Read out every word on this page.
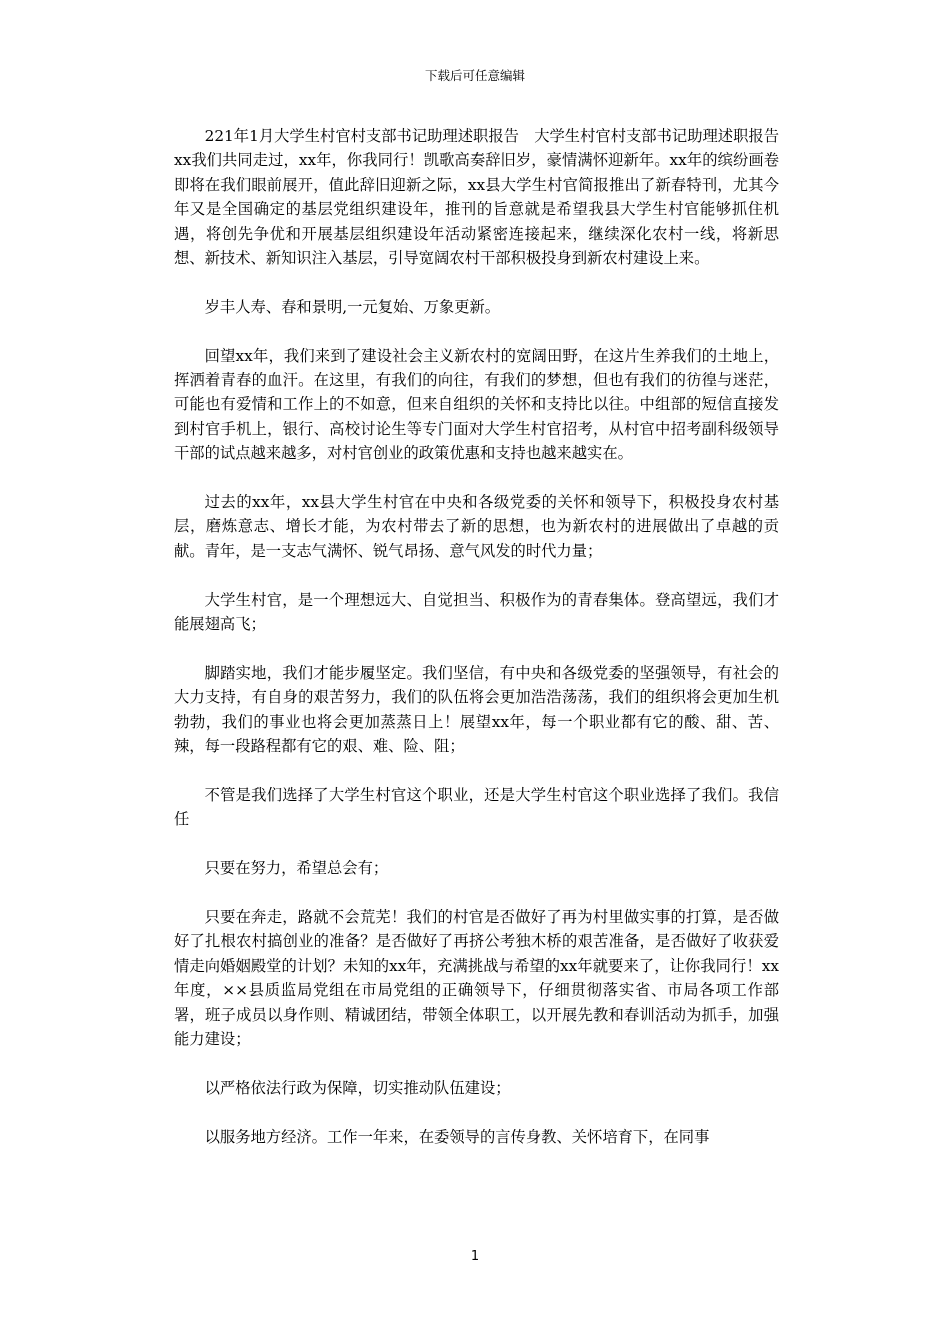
下载后可任意编辑

221年1月大学生村官村支部书记助理述职报告　大学生村官村支部书记助理述职报告xx我们共同走过，xx年，你我同行！凯歌高奏辞旧岁，豪情满怀迎新年。xx年的缤纷画卷即将在我们眼前展开，值此辞旧迎新之际，xx县大学生村官简报推出了新春特刊，尤其今年又是全国确定的基层党组织建设年，推刊的旨意就是希望我县大学生村官能够抓住机遇，将创先争优和开展基层组织建设年活动紧密连接起来，继续深化农村一线，将新思想、新技术、新知识注入基层，引导宽阔农村干部积极投身到新农村建设上来。

岁丰人寿、春和景明,一元复始、万象更新。

回望xx年，我们来到了建设社会主义新农村的宽阔田野，在这片生养我们的土地上，挥洒着青春的血汗。在这里，有我们的向往，有我们的梦想，但也有我们的彷徨与迷茫，可能也有爱情和工作上的不如意，但来自组织的关怀和支持比以往。中组部的短信直接发到村官手机上，银行、高校讨论生等专门面对大学生村官招考，从村官中招考副科级领导干部的试点越来越多，对村官创业的政策优惠和支持也越来越实在。

过去的xx年，xx县大学生村官在中央和各级党委的关怀和领导下，积极投身农村基层，磨炼意志、增长才能，为农村带去了新的思想，也为新农村的进展做出了卓越的贡献。青年，是一支志气满怀、锐气昂扬、意气风发的时代力量；

大学生村官，是一个理想远大、自觉担当、积极作为的青春集体。登高望远，我们才能展翅高飞；

脚踏实地，我们才能步履坚定。我们坚信，有中央和各级党委的坚强领导，有社会的大力支持，有自身的艰苦努力，我们的队伍将会更加浩浩荡荡，我们的组织将会更加生机勃勃，我们的事业也将会更加蒸蒸日上！展望xx年，每一个职业都有它的酸、甜、苦、辣，每一段路程都有它的艰、难、险、阻；

不管是我们选择了大学生村官这个职业，还是大学生村官这个职业选择了我们。我信任

只要在努力，希望总会有；

只要在奔走，路就不会荒芜！我们的村官是否做好了再为村里做实事的打算，是否做好了扎根农村搞创业的准备？是否做好了再挤公考独木桥的艰苦准备，是否做好了收获爱情走向婚姻殿堂的计划？未知的xx年，充满挑战与希望的xx年就要来了，让你我同行！xx年度，××县质监局党组在市局党组的正确领导下，仔细贯彻落实省、市局各项工作部署，班子成员以身作则、精诚团结，带领全体职工，以开展先教和春训活动为抓手，加强能力建设；

以严格依法行政为保障，切实推动队伍建设；

以服务地方经济。工作一年来，在委领导的言传身教、关怀培育下，在同事

1
